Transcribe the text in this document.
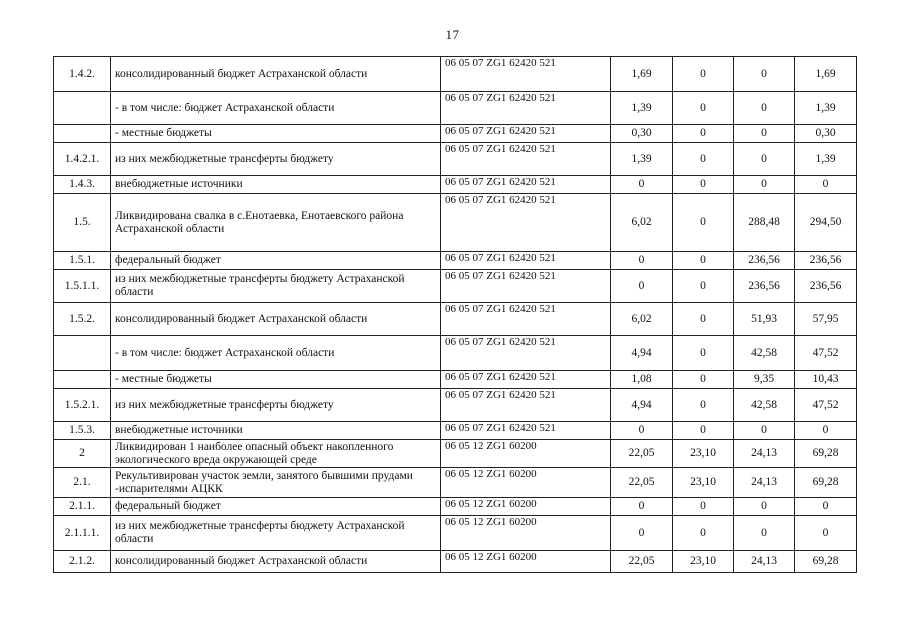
17
1.4.2.	консолидированный бюджет Астраханской области	06 05 07 ZG1 62420 521	1,69	0	0	1,69
	- в том числе: бюджет Астраханской области	06 05 07 ZG1 62420 521	1,39	0	0	1,39
	- местные бюджеты	06 05 07 ZG1 62420 521	0,30	0	0	0,30
1.4.2.1.	из них межбюджетные трансферты бюджету	06 05 07 ZG1 62420 521	1,39	0	0	1,39
1.4.3.	внебюджетные источники	06 05 07 ZG1 62420 521	0	0	0	0
1.5.	Ликвидирована свалка в с.Енотаевка, Енотаевского района Астраханской области	06 05 07 ZG1 62420 521	6,02	0	288,48	294,50
1.5.1.	федеральный бюджет	06 05 07 ZG1 62420 521	0	0	236,56	236,56
1.5.1.1.	из них межбюджетные трансферты бюджету Астраханской области	06 05 07 ZG1 62420 521	0	0	236,56	236,56
1.5.2.	консолидированный бюджет Астраханской области	06 05 07 ZG1 62420 521	6,02	0	51,93	57,95
	- в том числе: бюджет Астраханской области	06 05 07 ZG1 62420 521	4,94	0	42,58	47,52
	- местные бюджеты	06 05 07 ZG1 62420 521	1,08	0	9,35	10,43
1.5.2.1.	из них межбюджетные трансферты бюджету	06 05 07 ZG1 62420 521	4,94	0	42,58	47,52
1.5.3.	внебюджетные источники	06 05 07 ZG1 62420 521	0	0	0	0
2	Ликвидирован 1 наиболее опасный объект накопленного экологического вреда окружающей среде	06 05 12 ZG1 60200	22,05	23,10	24,13	69,28
2.1.	Рекультивирован участок земли, занятого бывшими прудами -испарителями АЦКК	06 05 12 ZG1 60200	22,05	23,10	24,13	69,28
2.1.1.	федеральный бюджет	06 05 12 ZG1 60200	0	0	0	0
2.1.1.1.	из них межбюджетные трансферты бюджету Астраханской области	06 05 12 ZG1 60200	0	0	0	0
2.1.2.	консолидированный бюджет Астраханской области	06 05 12 ZG1 60200	22,05	23,10	24,13	69,28
